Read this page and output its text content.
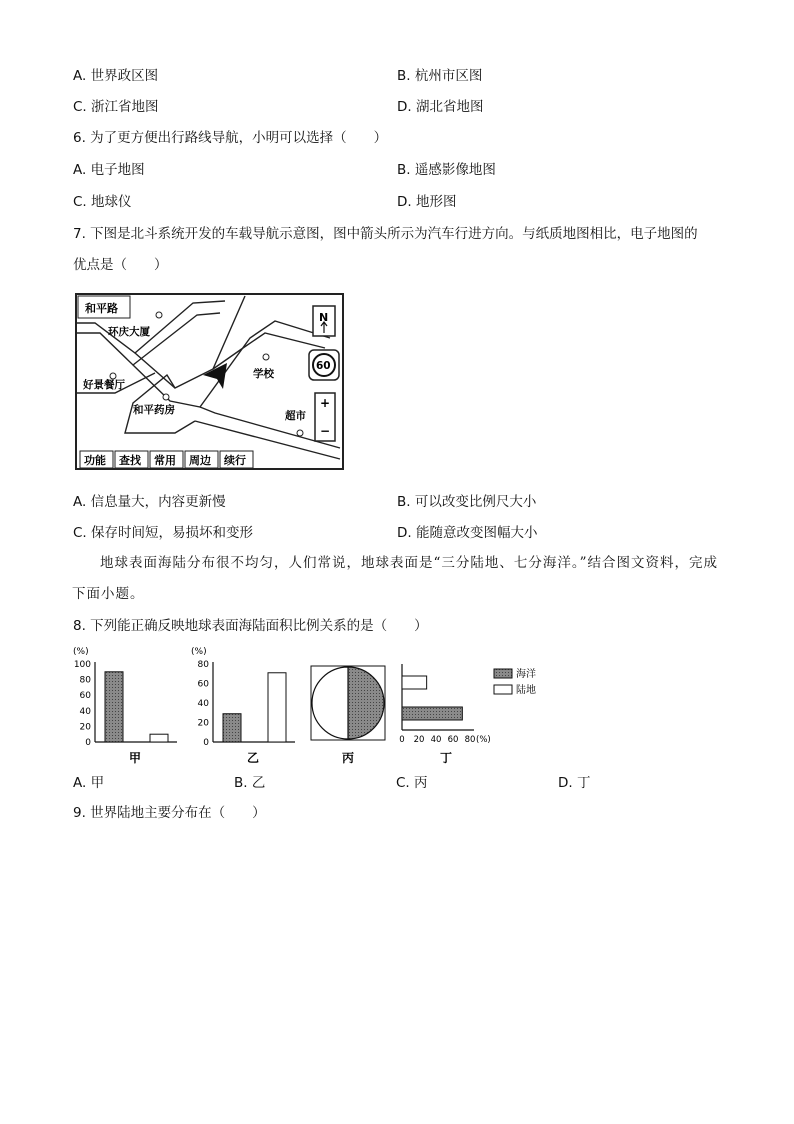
A. 世界政区图	B. 杭州市区图
C. 浙江省地图	D. 湖北省地图
6. 为了更方便出行路线导航，小明可以选择（　　）
A. 电子地图	B. 遥感影像地图
C. 地球仪	D. 地形图
7. 下图是北斗系统开发的车载导航示意图，图中箭头所示为汽车行进方向。与纸质地图相比，电子地图的
优点是（　　）
和平路
环庆大厦
好景餐厅
和平药房
学校
超市
N
60
+
−
功能 查找 常用 周边 续行
A. 信息量大，内容更新慢	B. 可以改变比例尺大小
C. 保存时间短，易损坏和变形	D. 能随意改变图幅大小
地球表面海陆分布很不均匀，人们常说，地球表面是“三分陆地、七分海洋。”结合图文资料，完成下面小题。
8. 下列能正确反映地球表面海陆面积比例关系的是（　　）
(%)
0
20
40
60
80
100
甲
(%)
0
20
40
60
80
乙	丙
0 20 40 60 80 (%)
海洋
陆地
丁
A. 甲	B. 乙	C. 丙	D. 丁
9. 世界陆地主要分布在（　　）
